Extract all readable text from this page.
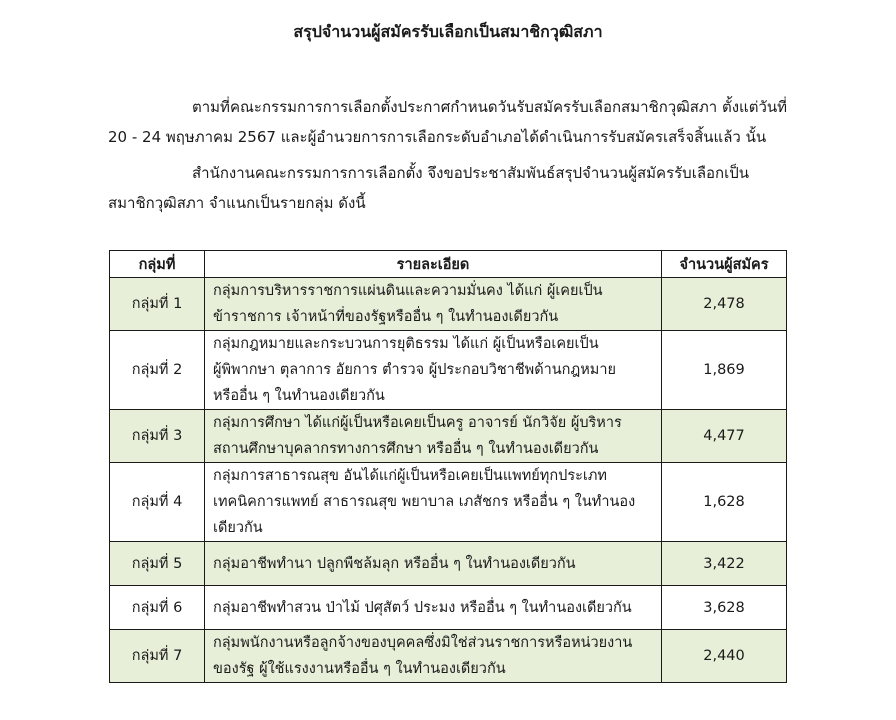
สรุปจำนวนผู้สมัครรับเลือกเป็นสมาชิกวุฒิสภา
ตามที่คณะกรรมการการเลือกตั้งประกาศกำหนดวันรับสมัครรับเลือกสมาชิกวุฒิสภา ตั้งแต่วันที่
20 - 24 พฤษภาคม 2567 และผู้อำนวยการการเลือกระดับอำเภอได้ดำเนินการรับสมัครเสร็จสิ้นแล้ว นั้น
สำนักงานคณะกรรมการการเลือกตั้ง จึงขอประชาสัมพันธ์สรุปจำนวนผู้สมัครรับเลือกเป็น
สมาชิกวุฒิสภา จำแนกเป็นรายกลุ่ม ดังนี้
กลุ่มที่	รายละเอียด	จำนวนผู้สมัคร
กลุ่มที่ 1	กลุ่มการบริหารราชการแผ่นดินและความมั่นคง ได้แก่ ผู้เคยเป็น
ข้าราชการ เจ้าหน้าที่ของรัฐหรืออื่น ๆ ในทำนองเดียวกัน	2,478
กลุ่มที่ 2	กลุ่มกฎหมายและกระบวนการยุติธรรม ได้แก่ ผู้เป็นหรือเคยเป็น
ผู้พิพากษา ตุลาการ อัยการ ตำรวจ ผู้ประกอบวิชาชีพด้านกฎหมาย
หรืออื่น ๆ ในทำนองเดียวกัน	1,869
กลุ่มที่ 3	กลุ่มการศึกษา ได้แก่ผู้เป็นหรือเคยเป็นครู อาจารย์ นักวิจัย ผู้บริหาร
สถานศึกษาบุคลากรทางการศึกษา หรืออื่น ๆ ในทำนองเดียวกัน	4,477
กลุ่มที่ 4	กลุ่มการสาธารณสุข อันได้แก่ผู้เป็นหรือเคยเป็นแพทย์ทุกประเภท
เทคนิคการแพทย์ สาธารณสุข พยาบาล เภสัชกร หรืออื่น ๆ ในทำนอง
เดียวกัน	1,628
กลุ่มที่ 5	กลุ่มอาชีพทำนา ปลูกพืชล้มลุก หรืออื่น ๆ ในทำนองเดียวกัน	3,422
กลุ่มที่ 6	กลุ่มอาชีพทำสวน ป่าไม้ ปศุสัตว์ ประมง หรืออื่น ๆ ในทำนองเดียวกัน	3,628
กลุ่มที่ 7	กลุ่มพนักงานหรือลูกจ้างของบุคคลซึ่งมิใช่ส่วนราชการหรือหน่วยงาน
ของรัฐ ผู้ใช้แรงงานหรืออื่น ๆ ในทำนองเดียวกัน	2,440
